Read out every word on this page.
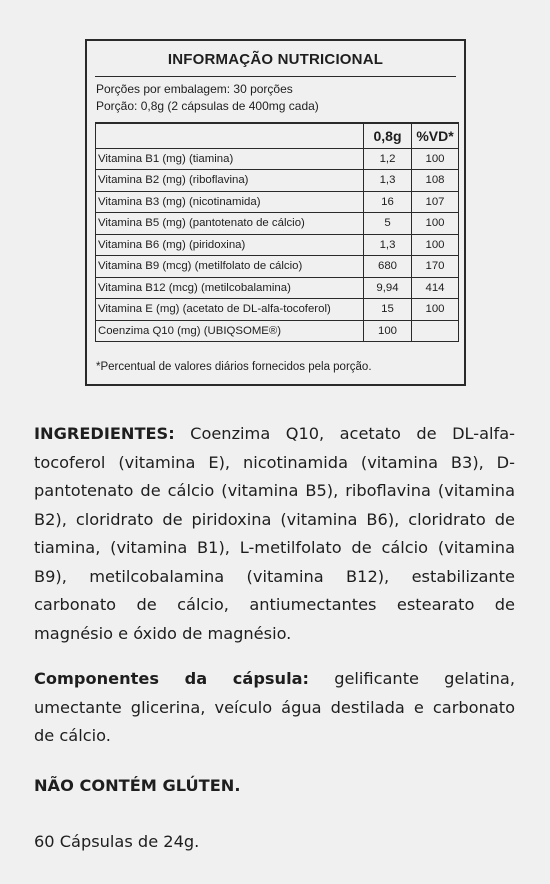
INFORMAÇÃO NUTRICIONAL
Porções por embalagem: 30 porções
Porção: 0,8g (2 cápsulas de 400mg cada)
	0,8g	%VD*
Vitamina B1 (mg) (tiamina)	1,2	100
Vitamina B2 (mg) (riboflavina)	1,3	108
Vitamina B3 (mg) (nicotinamida)	16	107
Vitamina B5 (mg) (pantotenato de cálcio)	5	100
Vitamina B6 (mg) (piridoxina)	1,3	100
Vitamina B9 (mcg) (metilfolato de cálcio)	680	170
Vitamina B12 (mcg) (metilcobalamina)	9,94	414
Vitamina E (mg) (acetato de DL-alfa-tocoferol)	15	100
Coenzima Q10 (mg) (UBIQSOME®)	100	
*Percentual de valores diários fornecidos pela porção.

INGREDIENTES: Coenzima Q10, acetato de DL-alfa-tocoferol (vitamina E), nicotinamida (vitamina B3), D-pantotenato de cálcio (vitamina B5), riboflavina (vitamina B2), cloridrato de piridoxina (vitamina B6), cloridrato de tiamina, (vitamina B1), L-metilfolato de cálcio (vitamina B9), metilcobalamina (vitamina B12), estabilizante carbonato de cálcio, antiumectantes estearato de magnésio e óxido de magnésio.

Componentes da cápsula: gelificante gelatina, umectante glicerina, veículo água destilada e carbonato de cálcio.

NÃO CONTÉM GLÚTEN.

60 Cápsulas de 24g.
